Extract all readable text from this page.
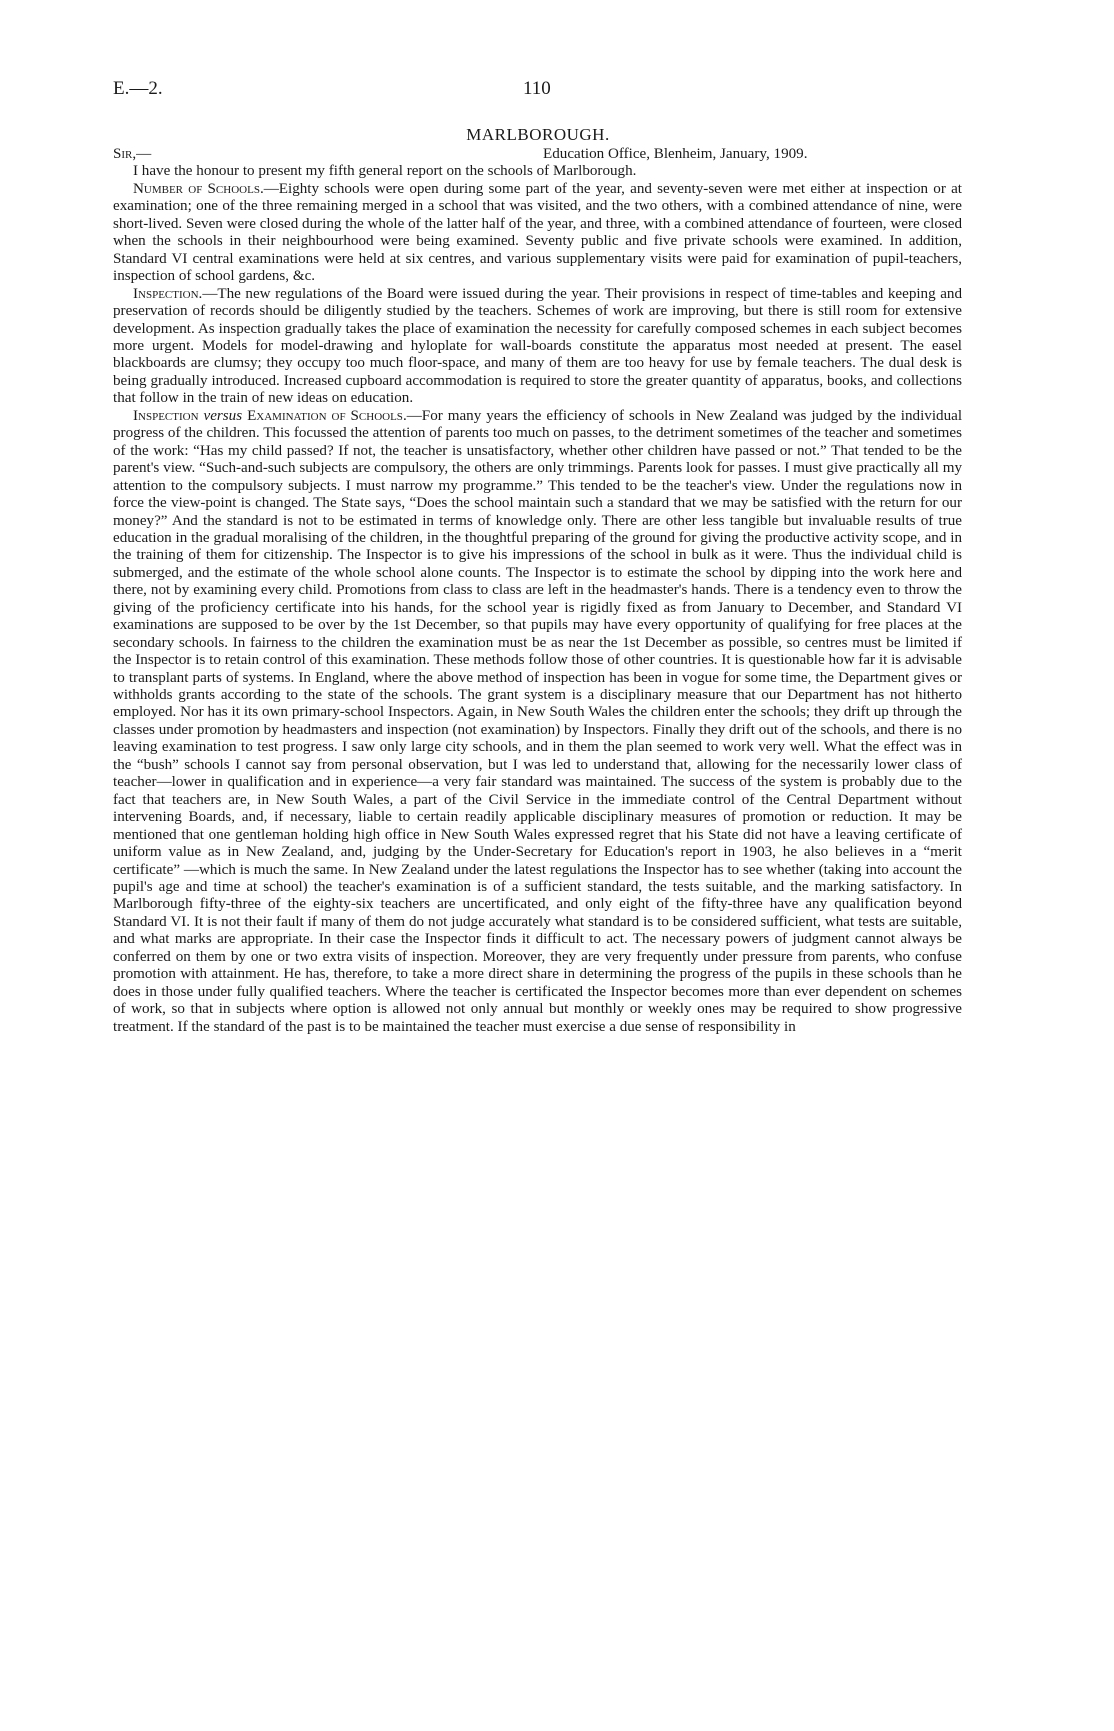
E.—2.	110
MARLBOROUGH.
Sir,—	Education Office, Blenheim, January, 1909.

I have the honour to present my fifth general report on the schools of Marlborough.

Number of Schools.—Eighty schools were open during some part of the year, and seventy-seven were met either at inspection or at examination; one of the three remaining merged in a school that was visited, and the two others, with a combined attendance of nine, were short-lived. Seven were closed during the whole of the latter half of the year, and three, with a combined attendance of fourteen, were closed when the schools in their neighbourhood were being examined. Seventy public and five private schools were examined. In addition, Standard VI central examinations were held at six centres, and various supplementary visits were paid for examination of pupil-teachers, inspection of school gardens, &c.

Inspection.—The new regulations of the Board were issued during the year. Their provisions in respect of time-tables and keeping and preservation of records should be diligently studied by the teachers. Schemes of work are improving, but there is still room for extensive development. As inspection gradually takes the place of examination the necessity for carefully composed schemes in each subject becomes more urgent. Models for model-drawing and hyloplate for wall-boards constitute the apparatus most needed at present. The easel blackboards are clumsy; they occupy too much floor-space, and many of them are too heavy for use by female teachers. The dual desk is being gradually introduced. Increased cupboard accommodation is required to store the greater quantity of apparatus, books, and collections that follow in the train of new ideas on education.

Inspection versus Examination of Schools.—For many years the efficiency of schools in New Zealand was judged by the individual progress of the children. This focussed the attention of parents too much on passes, to the detriment sometimes of the teacher and sometimes of the work: “Has my child passed? If not, the teacher is unsatisfactory, whether other children have passed or not.” That tended to be the parent's view. “Such-and-such subjects are compulsory, the others are only trimmings. Parents look for passes. I must give practically all my attention to the compulsory subjects. I must narrow my programme.” This tended to be the teacher's view. Under the regulations now in force the view-point is changed. The State says, “Does the school maintain such a standard that we may be satisfied with the return for our money?” And the standard is not to be estimated in terms of knowledge only. There are other less tangible but invaluable results of true education in the gradual moralising of the children, in the thoughtful preparing of the ground for giving the productive activity scope, and in the training of them for citizenship. The Inspector is to give his impressions of the school in bulk as it were. Thus the individual child is submerged, and the estimate of the whole school alone counts. The Inspector is to estimate the school by dipping into the work here and there, not by examining every child. Promotions from class to class are left in the headmaster's hands. There is a tendency even to throw the giving of the proficiency certificate into his hands, for the school year is rigidly fixed as from January to December, and Standard VI examinations are supposed to be over by the 1st December, so that pupils may have every opportunity of qualifying for free places at the secondary schools. In fairness to the children the examination must be as near the 1st December as possible, so centres must be limited if the Inspector is to retain control of this examination. These methods follow those of other countries. It is questionable how far it is advisable to transplant parts of systems. In England, where the above method of inspection has been in vogue for some time, the Department gives or withholds grants according to the state of the schools. The grant system is a disciplinary measure that our Department has not hitherto employed. Nor has it its own primary-school Inspectors. Again, in New South Wales the children enter the schools; they drift up through the classes under promotion by headmasters and inspection (not examination) by Inspectors. Finally they drift out of the schools, and there is no leaving examination to test progress. I saw only large city schools, and in them the plan seemed to work very well. What the effect was in the “bush” schools I cannot say from personal observation, but I was led to understand that, allowing for the necessarily lower class of teacher—lower in qualification and in experience—a very fair standard was maintained. The success of the system is probably due to the fact that teachers are, in New South Wales, a part of the Civil Service in the immediate control of the Central Department without intervening Boards, and, if necessary, liable to certain readily applicable disciplinary measures of promotion or reduction. It may be mentioned that one gentleman holding high office in New South Wales expressed regret that his State did not have a leaving certificate of uniform value as in New Zealand, and, judging by the Under-Secretary for Education's report in 1903, he also believes in a “merit certificate” —which is much the same. In New Zealand under the latest regulations the Inspector has to see whether (taking into account the pupil's age and time at school) the teacher's examination is of a sufficient standard, the tests suitable, and the marking satisfactory. In Marlborough fifty-three of the eighty-six teachers are uncertificated, and only eight of the fifty-three have any qualification beyond Standard VI. It is not their fault if many of them do not judge accurately what standard is to be considered sufficient, what tests are suitable, and what marks are appropriate. In their case the Inspector finds it difficult to act. The necessary powers of judgment cannot always be conferred on them by one or two extra visits of inspection. Moreover, they are very frequently under pressure from parents, who confuse promotion with attainment. He has, therefore, to take a more direct share in determining the progress of the pupils in these schools than he does in those under fully qualified teachers. Where the teacher is certificated the Inspector becomes more than ever dependent on schemes of work, so that in subjects where option is allowed not only annual but monthly or weekly ones may be required to show progressive treatment. If the standard of the past is to be maintained the teacher must exercise a due sense of responsibility in
